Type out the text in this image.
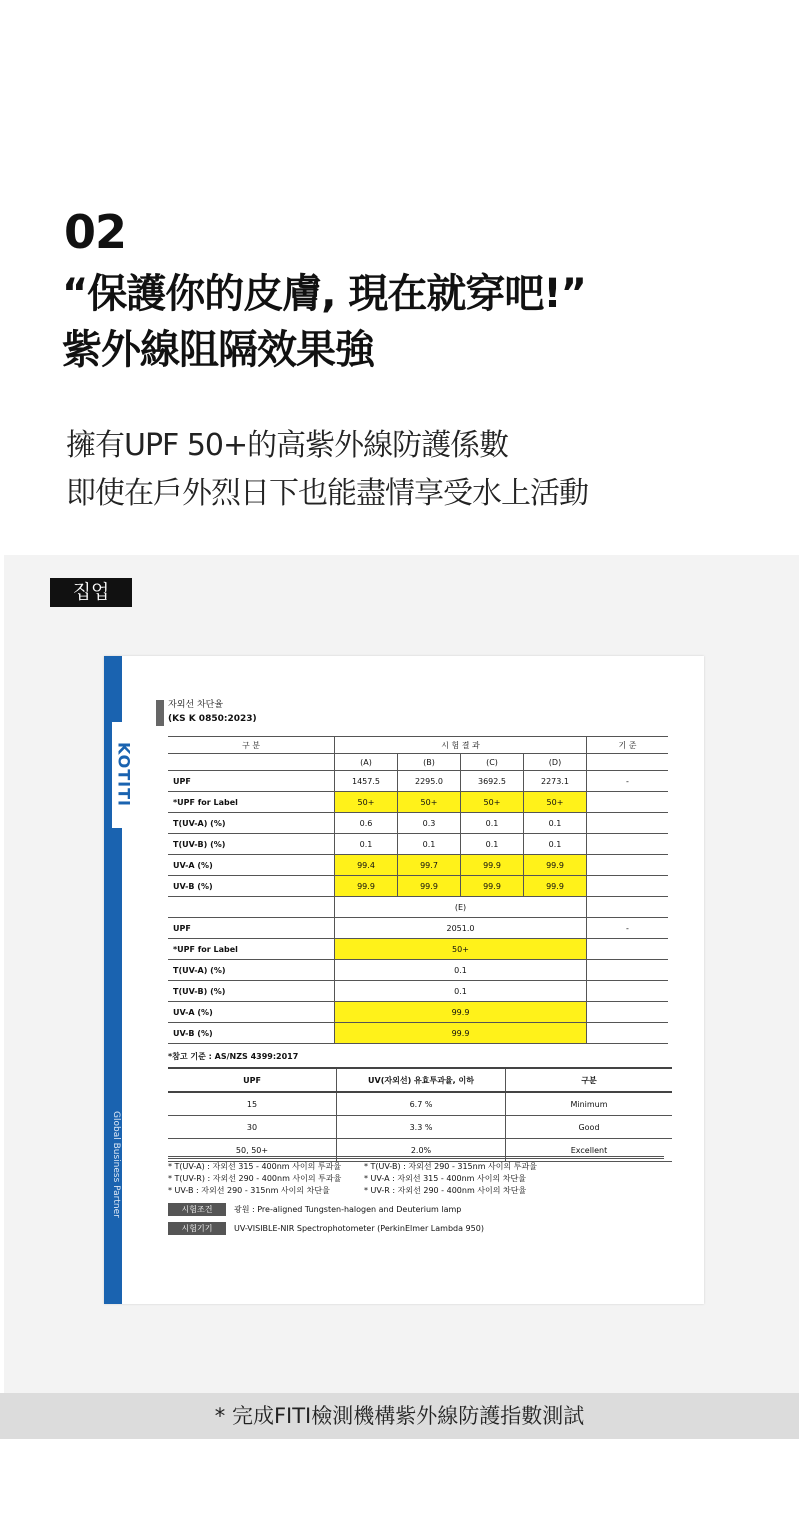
02
“保護你的皮膚, 現在就穿吧!”
紫外線阻隔效果強
擁有UPF 50+的高紫外線防護係數
即使在戶外烈日下也能盡情享受水上活動
집업
Global Business Partner
KOTITI
자외선 차단율
(KS K 0850:2023)
구 분	시 험 결 과				기 준
	(A)	(B)	(C)	(D)	
UPF	1457.5	2295.0	3692.5	2273.1	-
*UPF for Label	50+	50+	50+	50+	
T(UV-A) (%)	0.6	0.3	0.1	0.1	
T(UV-B) (%)	0.1	0.1	0.1	0.1	
UV-A (%)	99.4	99.7	99.9	99.9	
UV-B (%)	99.9	99.9	99.9	99.9	
	(E)				
UPF	2051.0				-
*UPF for Label	50+				
T(UV-A) (%)	0.1				
T(UV-B) (%)	0.1				
UV-A (%)	99.9				
UV-B (%)	99.9				
*참고 기준 : AS/NZS 4399:2017
UPF	UV(자외선) 유효투과율, 이하	구분
15	6.7 %	Minimum
30	3.3 %	Good
50, 50+	2.0%	Excellent
* T(UV-A) : 자외선 315 - 400nm 사이의 투과율	* T(UV-B) : 자외선 290 - 315nm 사이의 투과율
* T(UV-R) : 자외선 290 - 400nm 사이의 투과율	* UV-A : 자외선 315 - 400nm 사이의 차단율
* UV-B : 자외선 290 - 315nm 사이의 차단율	* UV-R : 자외선 290 - 400nm 사이의 차단율
시험조건	광원 : Pre-aligned Tungsten-halogen and Deuterium lamp
시험기기	UV-VISIBLE-NIR Spectrophotometer (PerkinElmer Lambda 950)
* 完成FITI檢測機構紫外線防護指數測試
